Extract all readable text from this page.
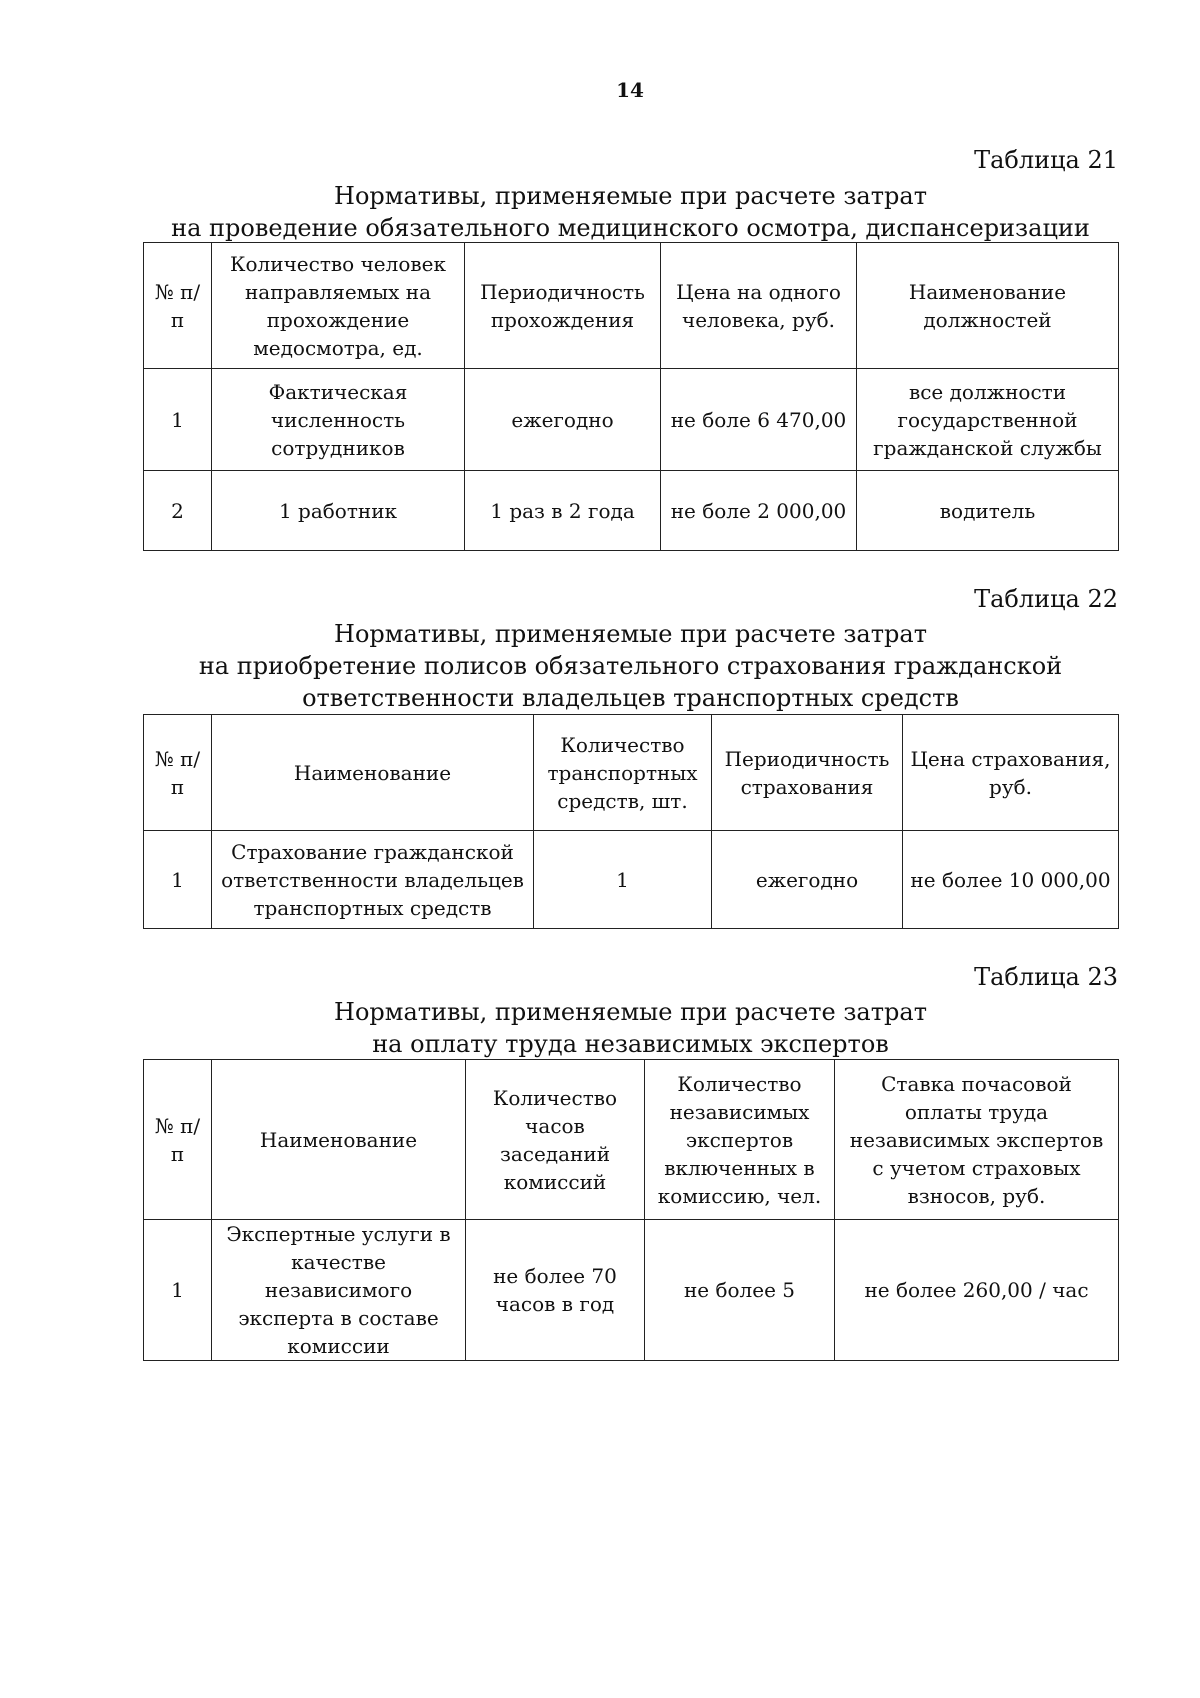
14
Таблица 21
Нормативы, применяемые при расчете затрат
на проведение обязательного медицинского осмотра, диспансеризации
№ п/п	Количество человек направляемых на прохождение медосмотра, ед.	Периодичность прохождения	Цена на одного человека, руб.	Наименование должностей
1	Фактическая численность сотрудников	ежегодно	не боле 6 470,00	все должности государственной гражданской службы
2	1 работник	1 раз в 2 года	не боле 2 000,00	водитель
Таблица 22
Нормативы, применяемые при расчете затрат
на приобретение полисов обязательного страхования гражданской
ответственности владельцев транспортных средств
№ п/п	Наименование	Количество транспортных средств, шт.	Периодичность страхования	Цена страхования, руб.
1	Страхование гражданской ответственности владельцев транспортных средств	1	ежегодно	не более 10 000,00
Таблица 23
Нормативы, применяемые при расчете затрат
на оплату труда независимых экспертов
№ п/п	Наименование	Количество часов заседаний комиссий	Количество независимых экспертов включенных в комиссию, чел.	Ставка почасовой оплаты труда независимых экспертов с учетом страховых взносов, руб.
1	Экспертные услуги в качестве независимого эксперта в составе комиссии	не более 70 часов в год	не более 5	не более 260,00 / час
